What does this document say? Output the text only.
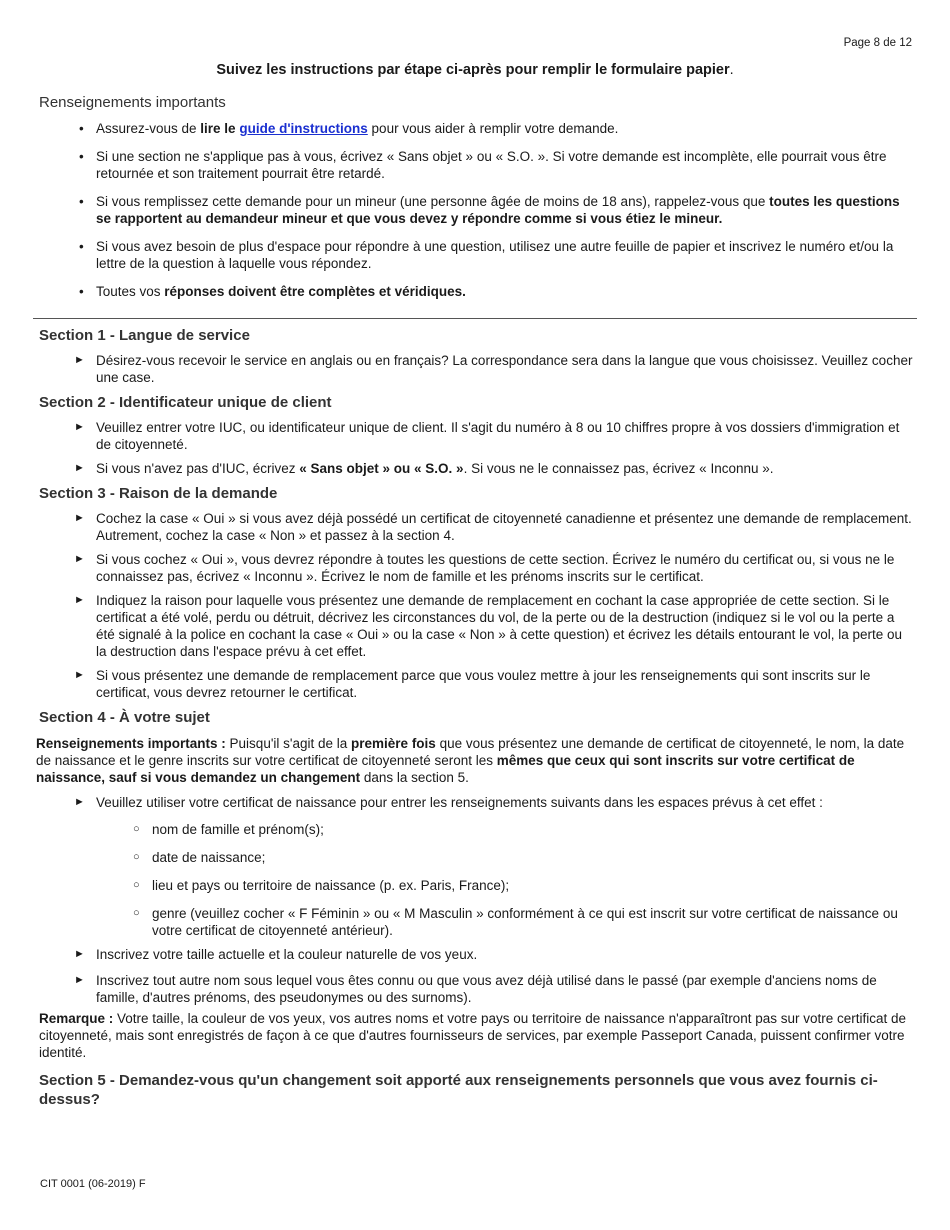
Page 8 de 12
Suivez les instructions par étape ci-après pour remplir le formulaire papier.
Renseignements importants
• Assurez-vous de lire le guide d'instructions pour vous aider à remplir votre demande.
• Si une section ne s'applique pas à vous, écrivez « Sans objet » ou « S.O. ». Si votre demande est incomplète, elle pourrait vous être retournée et son traitement pourrait être retardé.
• Si vous remplissez cette demande pour un mineur (une personne âgée de moins de 18 ans), rappelez-vous que toutes les questions se rapportent au demandeur mineur et que vous devez y répondre comme si vous étiez le mineur.
• Si vous avez besoin de plus d'espace pour répondre à une question, utilisez une autre feuille de papier et inscrivez le numéro et/ou la lettre de la question à laquelle vous répondez.
• Toutes vos réponses doivent être complètes et véridiques.
Section 1 - Langue de service
► Désirez-vous recevoir le service en anglais ou en français? La correspondance sera dans la langue que vous choisissez. Veuillez cocher une case.
Section 2 - Identificateur unique de client
► Veuillez entrer votre IUC, ou identificateur unique de client. Il s'agit du numéro à 8 ou 10 chiffres propre à vos dossiers d'immigration et de citoyenneté.
► Si vous n'avez pas d'IUC, écrivez « Sans objet » ou « S.O. ». Si vous ne le connaissez pas, écrivez « Inconnu ».
Section 3 - Raison de la demande
► Cochez la case « Oui » si vous avez déjà possédé un certificat de citoyenneté canadienne et présentez une demande de remplacement. Autrement, cochez la case « Non » et passez à la section 4.
► Si vous cochez « Oui », vous devrez répondre à toutes les questions de cette section. Écrivez le numéro du certificat ou, si vous ne le connaissez pas, écrivez « Inconnu ». Écrivez le nom de famille et les prénoms inscrits sur le certificat.
► Indiquez la raison pour laquelle vous présentez une demande de remplacement en cochant la case appropriée de cette section. Si le certificat a été volé, perdu ou détruit, décrivez les circonstances du vol, de la perte ou de la destruction (indiquez si le vol ou la perte a été signalé à la police en cochant la case « Oui » ou la case « Non » à cette question) et écrivez les détails entourant le vol, la perte ou la destruction dans l'espace prévu à cet effet.
► Si vous présentez une demande de remplacement parce que vous voulez mettre à jour les renseignements qui sont inscrits sur le certificat, vous devrez retourner le certificat.
Section 4 - À votre sujet

Renseignements importants : Puisqu'il s'agit de la première fois que vous présentez une demande de certificat de citoyenneté, le nom, la date de naissance et le genre inscrits sur votre certificat de citoyenneté seront les mêmes que ceux qui sont inscrits sur votre certificat de naissance, sauf si vous demandez un changement dans la section 5.

► Veuillez utiliser votre certificat de naissance pour entrer les renseignements suivants dans les espaces prévus à cet effet :
○ nom de famille et prénom(s);
○ date de naissance;
○ lieu et pays ou territoire de naissance (p. ex. Paris, France);
○ genre (veuillez cocher « F Féminin » ou « M Masculin » conformément à ce qui est inscrit sur votre certificat de naissance ou votre certificat de citoyenneté antérieur).
► Inscrivez votre taille actuelle et la couleur naturelle de vos yeux.
► Inscrivez tout autre nom sous lequel vous êtes connu ou que vous avez déjà utilisé dans le passé (par exemple d'anciens noms de famille, d'autres prénoms, des pseudonymes ou des surnoms).

Remarque : Votre taille, la couleur de vos yeux, vos autres noms et votre pays ou territoire de naissance n'apparaîtront pas sur votre certificat de citoyenneté, mais sont enregistrés de façon à ce que d'autres fournisseurs de services, par exemple Passeport Canada, puissent confirmer votre identité.

Section 5 - Demandez-vous qu'un changement soit apporté aux renseignements personnels que vous avez fournis ci-dessus?
CIT 0001 (06-2019) F
